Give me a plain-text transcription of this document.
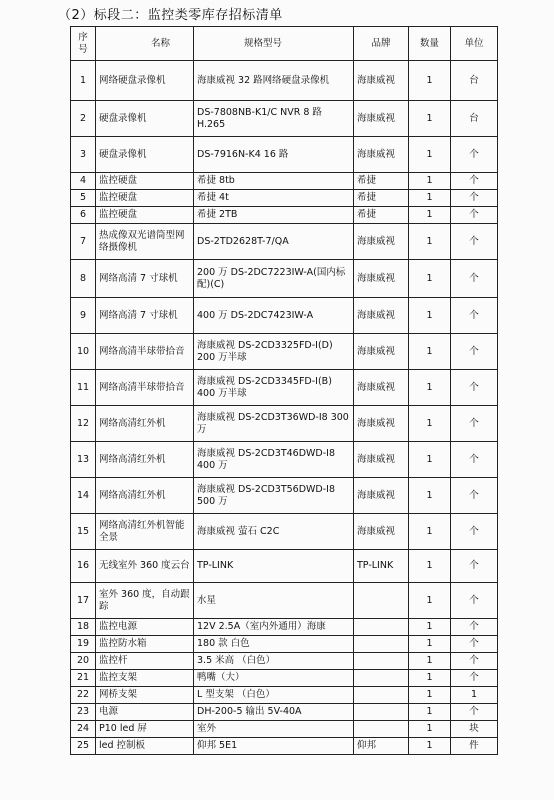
（2）标段二：监控类零库存招标清单
序号	名称	规格型号	品牌	数量	单位
1	网络硬盘录像机	海康威视 32 路网络硬盘录像机	海康威视	1	台
2	硬盘录像机	DS-7808NB-K1/C NVR 8 路 H.265	海康威视	1	台
3	硬盘录像机	DS-7916N-K4 16 路	海康威视	1	个
4	监控硬盘	希捷 8tb	希捷	1	个
5	监控硬盘	希捷 4t	希捷	1	个
6	监控硬盘	希捷 2TB	希捷	1	个
7	热成像双光谱筒型网络摄像机	DS-2TD2628T-7/QA	海康威视	1	个
8	网络高清 7 寸球机	200 万 DS-2DC7223IW-A(国内标配)(C)	海康威视	1	个
9	网络高清 7 寸球机	400 万 DS-2DC7423IW-A	海康威视	1	个
10	网络高清半球带拾音	海康威视 DS-2CD3325FD-I(D) 200 万半球	海康威视	1	个
11	网络高清半球带拾音	海康威视 DS-2CD3345FD-I(B) 400 万半球	海康威视	1	个
12	网络高清红外机	海康威视 DS-2CD3T36WD-I8 300 万	海康威视	1	个
13	网络高清红外机	海康威视 DS-2CD3T46DWD-I8 400 万	海康威视	1	个
14	网络高清红外机	海康威视 DS-2CD3T56DWD-I8 500 万	海康威视	1	个
15	网络高清红外机智能全景	海康威视 萤石 C2C	海康威视	1	个
16	无线室外 360 度云台	TP-LINK	TP-LINK	1	个
17	室外 360 度，自动跟踪	水星		1	个
18	监控电源	12V 2.5A（室内外通用）海康		1	个
19	监控防水箱	180 款 白色		1	个
20	监控杆	3.5 米高 （白色）		1	个
21	监控支架	鸭嘴（大）		1	个
22	网桥支架	L 型支架 （白色）		1	1
23	电源	DH-200-5 输出 5V-40A		1	个
24	P10 led 屏	室外		1	块
25	led 控制板	仰邦 5E1	仰邦	1	件
